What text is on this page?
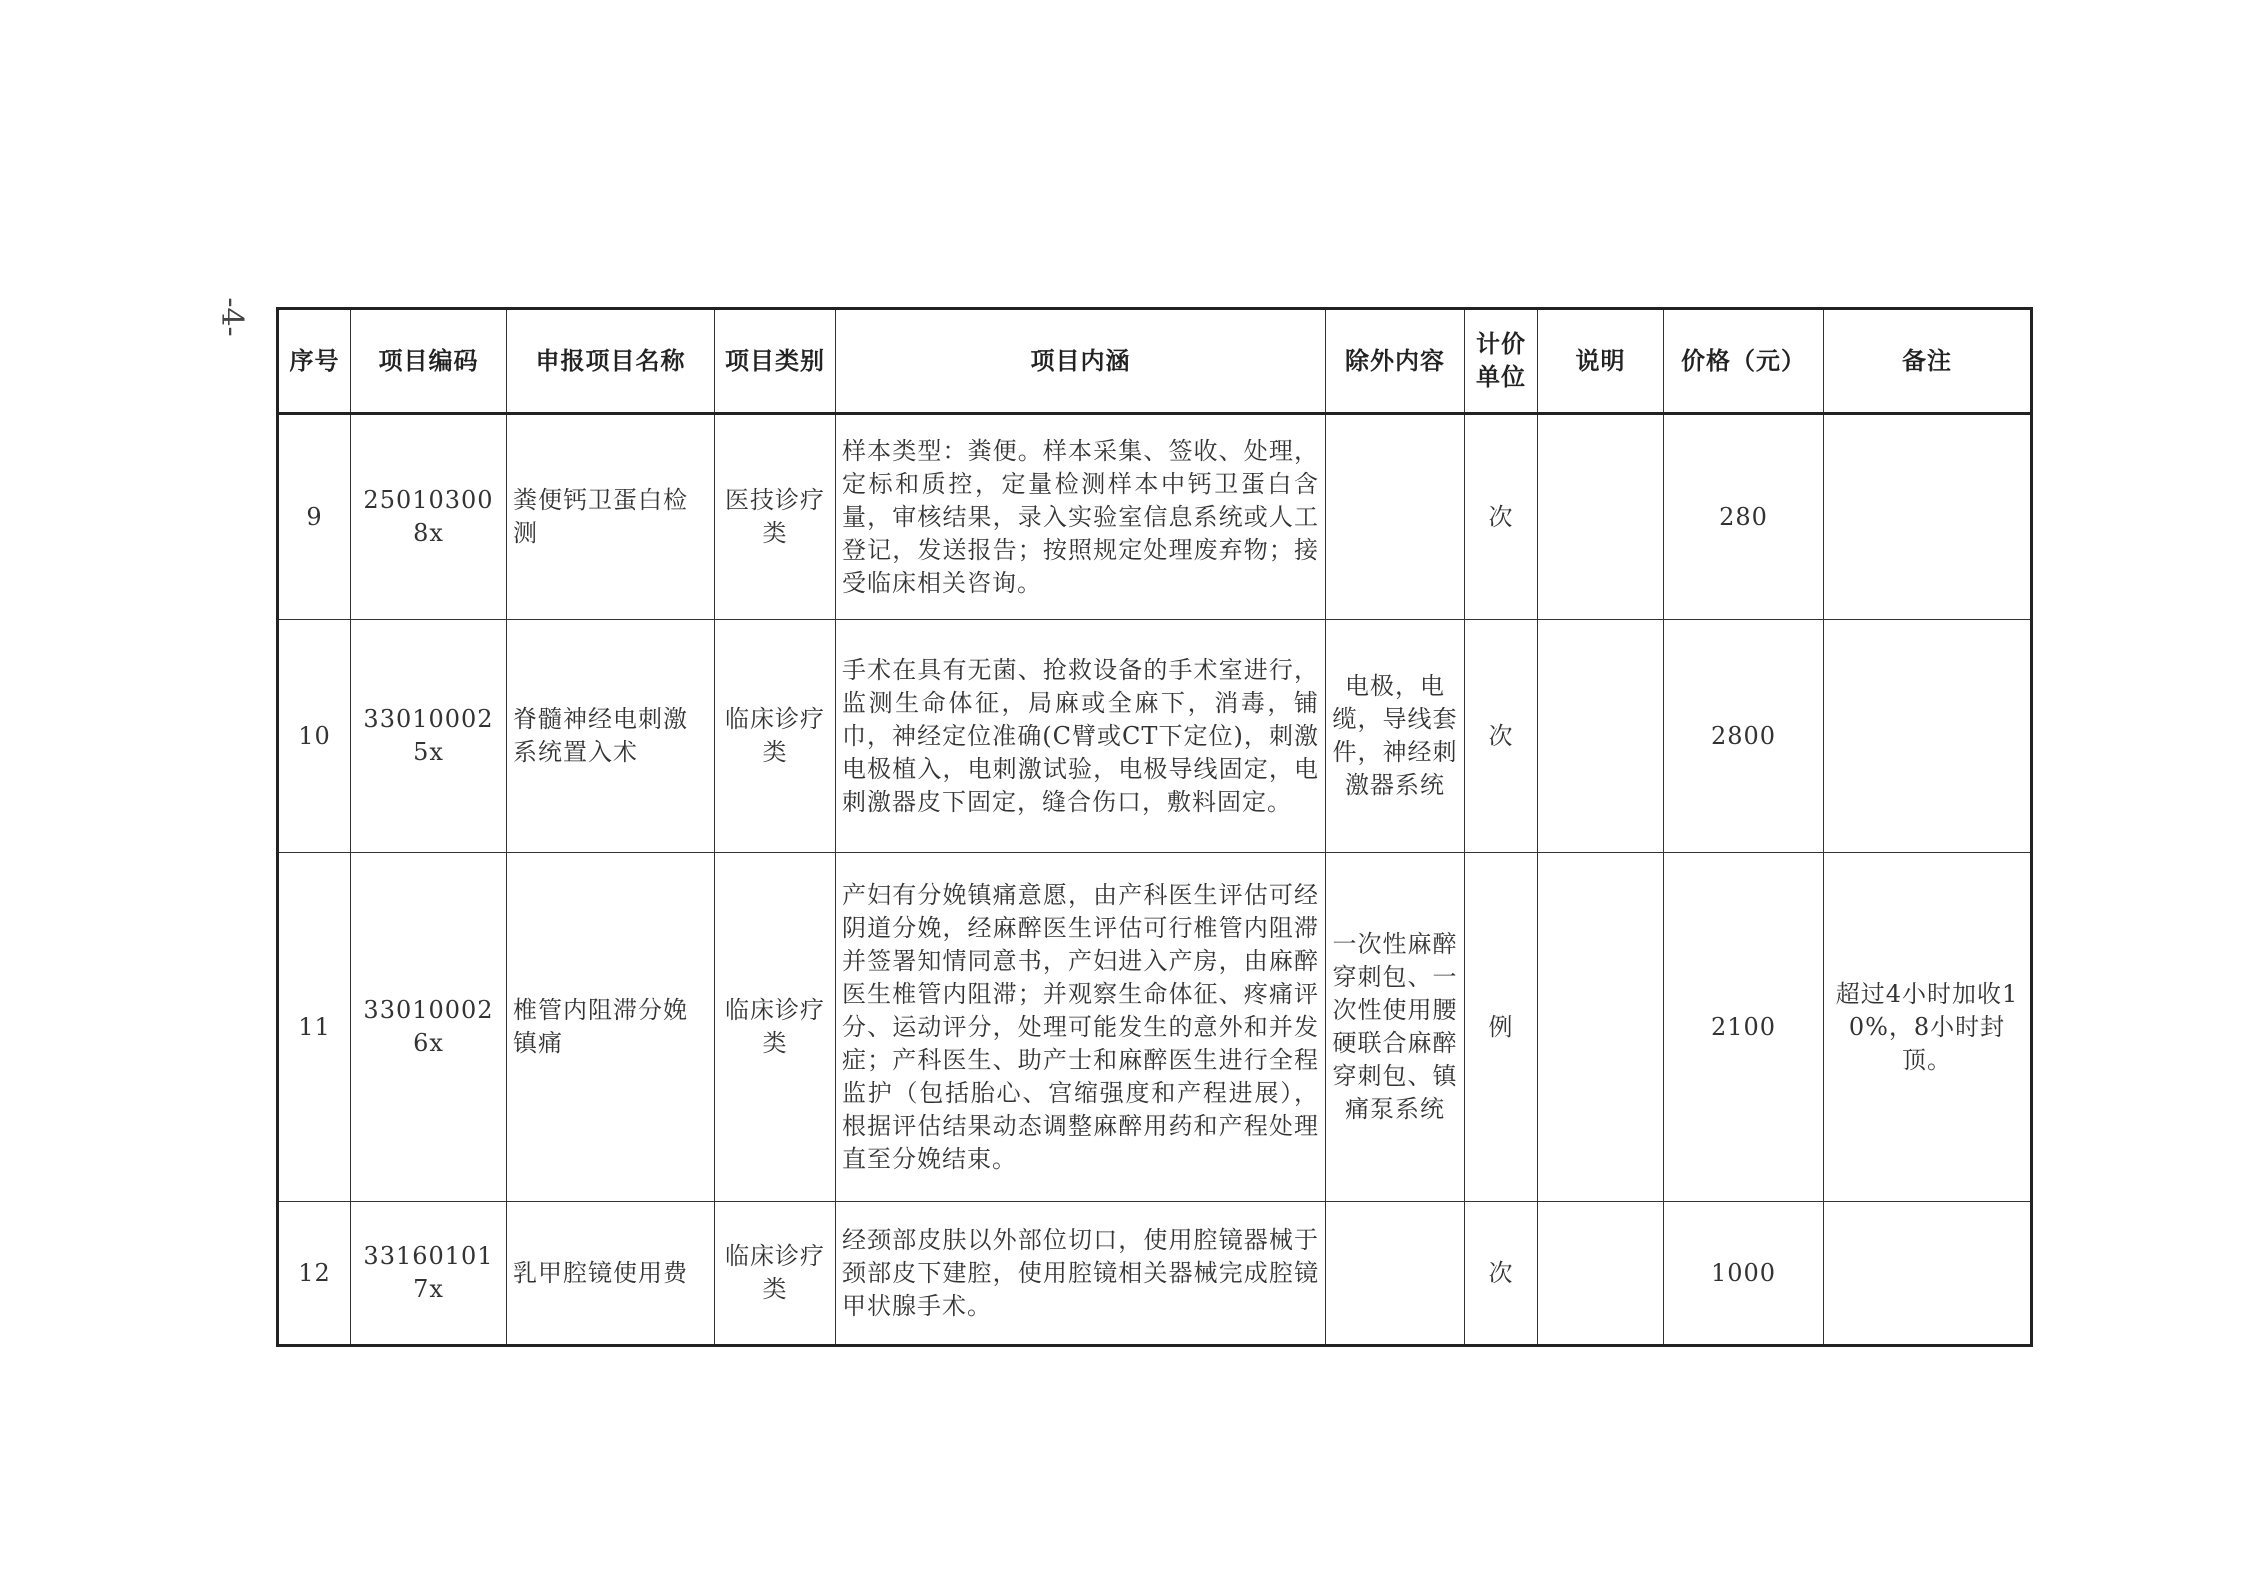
-4-
序号	项目编码	申报项目名称	项目类别	项目内涵	除外内容	计价单位	说明	价格（元）	备注
9	250103008x	粪便钙卫蛋白检测	医技诊疗类	样本类型：粪便。样本采集、签收、处理，定标和质控，定量检测样本中钙卫蛋白含量，审核结果，录入实验室信息系统或人工登记，发送报告；按照规定处理废弃物；接受临床相关咨询。		次		280	
10	330100025x	脊髓神经电刺激系统置入术	临床诊疗类	手术在具有无菌、抢救设备的手术室进行，监测生命体征，局麻或全麻下，消毒，铺巾，神经定位准确(C臂或CT下定位)，刺激电极植入，电刺激试验，电极导线固定，电刺激器皮下固定，缝合伤口，敷料固定。	电极，电缆，导线套件，神经刺激器系统	次		2800	
11	330100026x	椎管内阻滞分娩镇痛	临床诊疗类	产妇有分娩镇痛意愿，由产科医生评估可经阴道分娩，经麻醉医生评估可行椎管内阻滞并签署知情同意书，产妇进入产房，由麻醉医生椎管内阻滞；并观察生命体征、疼痛评分、运动评分，处理可能发生的意外和并发症；产科医生、助产士和麻醉医生进行全程监护（包括胎心、宫缩强度和产程进展），根据评估结果动态调整麻醉用药和产程处理直至分娩结束。	一次性麻醉穿刺包、一次性使用腰硬联合麻醉穿刺包、镇痛泵系统	例		2100	超过4小时加收10%，8小时封顶。
12	331601017x	乳甲腔镜使用费	临床诊疗类	经颈部皮肤以外部位切口，使用腔镜器械于颈部皮下建腔，使用腔镜相关器械完成腔镜甲状腺手术。		次		1000	
